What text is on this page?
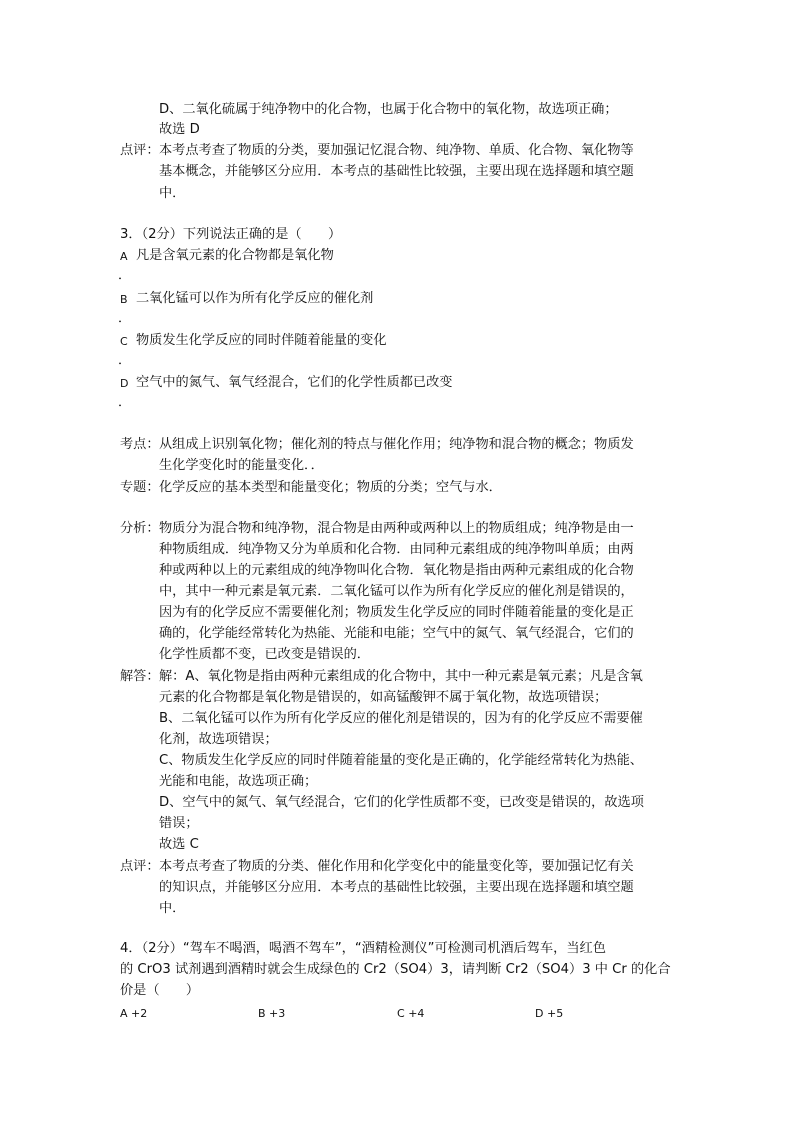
D、二氧化硫属于纯净物中的化合物，也属于化合物中的氧化物，故选项正确；
故选 D
点评： 本考点考查了物质的分类，要加强记忆混合物、纯净物、单质、化合物、氧化物等
基本概念，并能够区分应用．本考点的基础性比较强，主要出现在选择题和填空题
中．
3．（2分）下列说法正确的是（　　）
A 凡是含氧元素的化合物都是氧化物
．
B 二氧化锰可以作为所有化学反应的催化剂
．
C 物质发生化学反应的同时伴随着能量的变化
．
D 空气中的氮气、氧气经混合，它们的化学性质都已改变
．
考点： 从组成上识别氧化物；催化剂的特点与催化作用；纯净物和混合物的概念；物质发
生化学变化时的能量变化．．
专题： 化学反应的基本类型和能量变化；物质的分类；空气与水．
分析： 物质分为混合物和纯净物，混合物是由两种或两种以上的物质组成；纯净物是由一
种物质组成．纯净物又分为单质和化合物．由同种元素组成的纯净物叫单质；由两
种或两种以上的元素组成的纯净物叫化合物．氧化物是指由两种元素组成的化合物
中，其中一种元素是氧元素．二氧化锰可以作为所有化学反应的催化剂是错误的，
因为有的化学反应不需要催化剂；物质发生化学反应的同时伴随着能量的变化是正
确的，化学能经常转化为热能、光能和电能；空气中的氮气、氧气经混合，它们的
化学性质都不变，已改变是错误的．
解答： 解：A、氧化物是指由两种元素组成的化合物中，其中一种元素是氧元素；凡是含氧
元素的化合物都是氧化物是错误的，如高锰酸钾不属于氧化物，故选项错误；
B、二氧化锰可以作为所有化学反应的催化剂是错误的，因为有的化学反应不需要催
化剂，故选项错误；
C、物质发生化学反应的同时伴随着能量的变化是正确的，化学能经常转化为热能、
光能和电能，故选项正确；
D、空气中的氮气、氧气经混合，它们的化学性质都不变，已改变是错误的，故选项
错误；
故选 C
点评： 本考点考查了物质的分类、催化作用和化学变化中的能量变化等，要加强记忆有关
的知识点，并能够区分应用．本考点的基础性比较强，主要出现在选择题和填空题
中．
4．（2分）“驾车不喝酒，喝酒不驾车”，“酒精检测仪”可检测司机酒后驾车，当红色
的 CrO3 试剂遇到酒精时就会生成绿色的 Cr2（SO4）3，请判断 Cr2（SO4）3 中 Cr 的化合
价是（　　）
A +2	B +3	C +4	D +5
